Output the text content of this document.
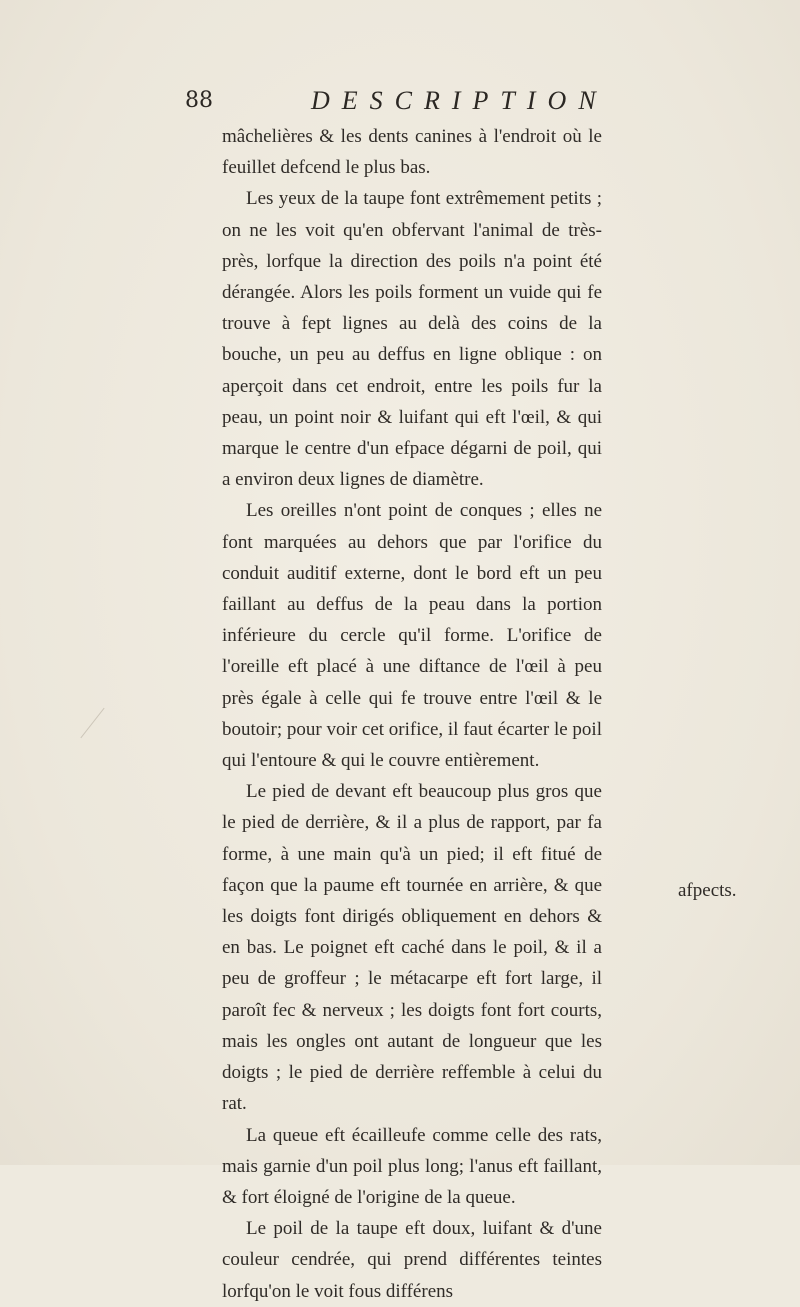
88	DESCRIPTION

mâchelières & les dents canines à l'endroit où le feuillet defcend le plus bas.

Les yeux de la taupe font extrêmement petits ; on ne les voit qu'en obfervant l'animal de très-près, lorfque la direction des poils n'a point été dérangée. Alors les poils forment un vuide qui fe trouve à fept lignes au delà des coins de la bouche, un peu au deffus en ligne oblique : on aperçoit dans cet endroit, entre les poils fur la peau, un point noir & luifant qui eft l'œil, & qui marque le centre d'un efpace dégarni de poil, qui a environ deux lignes de diamètre.

Les oreilles n'ont point de conques ; elles ne font marquées au dehors que par l'orifice du conduit auditif externe, dont le bord eft un peu faillant au deffus de la peau dans la portion inférieure du cercle qu'il forme. L'orifice de l'oreille eft placé à une diftance de l'œil à peu près égale à celle qui fe trouve entre l'œil & le boutoir; pour voir cet orifice, il faut écarter le poil qui l'entoure & qui le couvre entièrement.

Le pied de devant eft beaucoup plus gros que le pied de derrière, & il a plus de rapport, par fa forme, à une main qu'à un pied; il eft fitué de façon que la paume eft tournée en arrière, & que les doigts font dirigés obliquement en dehors & en bas. Le poignet eft caché dans le poil, & il a peu de groffeur ; le métacarpe eft fort large, il paroît fec & nerveux ; les doigts font fort courts, mais les ongles ont autant de longueur que les doigts ; le pied de derrière reffemble à celui du rat.

La queue eft écailleufe comme celle des rats, mais garnie d'un poil plus long; l'anus eft faillant, & fort éloigné de l'origine de la queue.

Le poil de la taupe eft doux, luifant & d'une couleur cendrée, qui prend différentes teintes lorfqu'on le voit fous différens

afpects.
